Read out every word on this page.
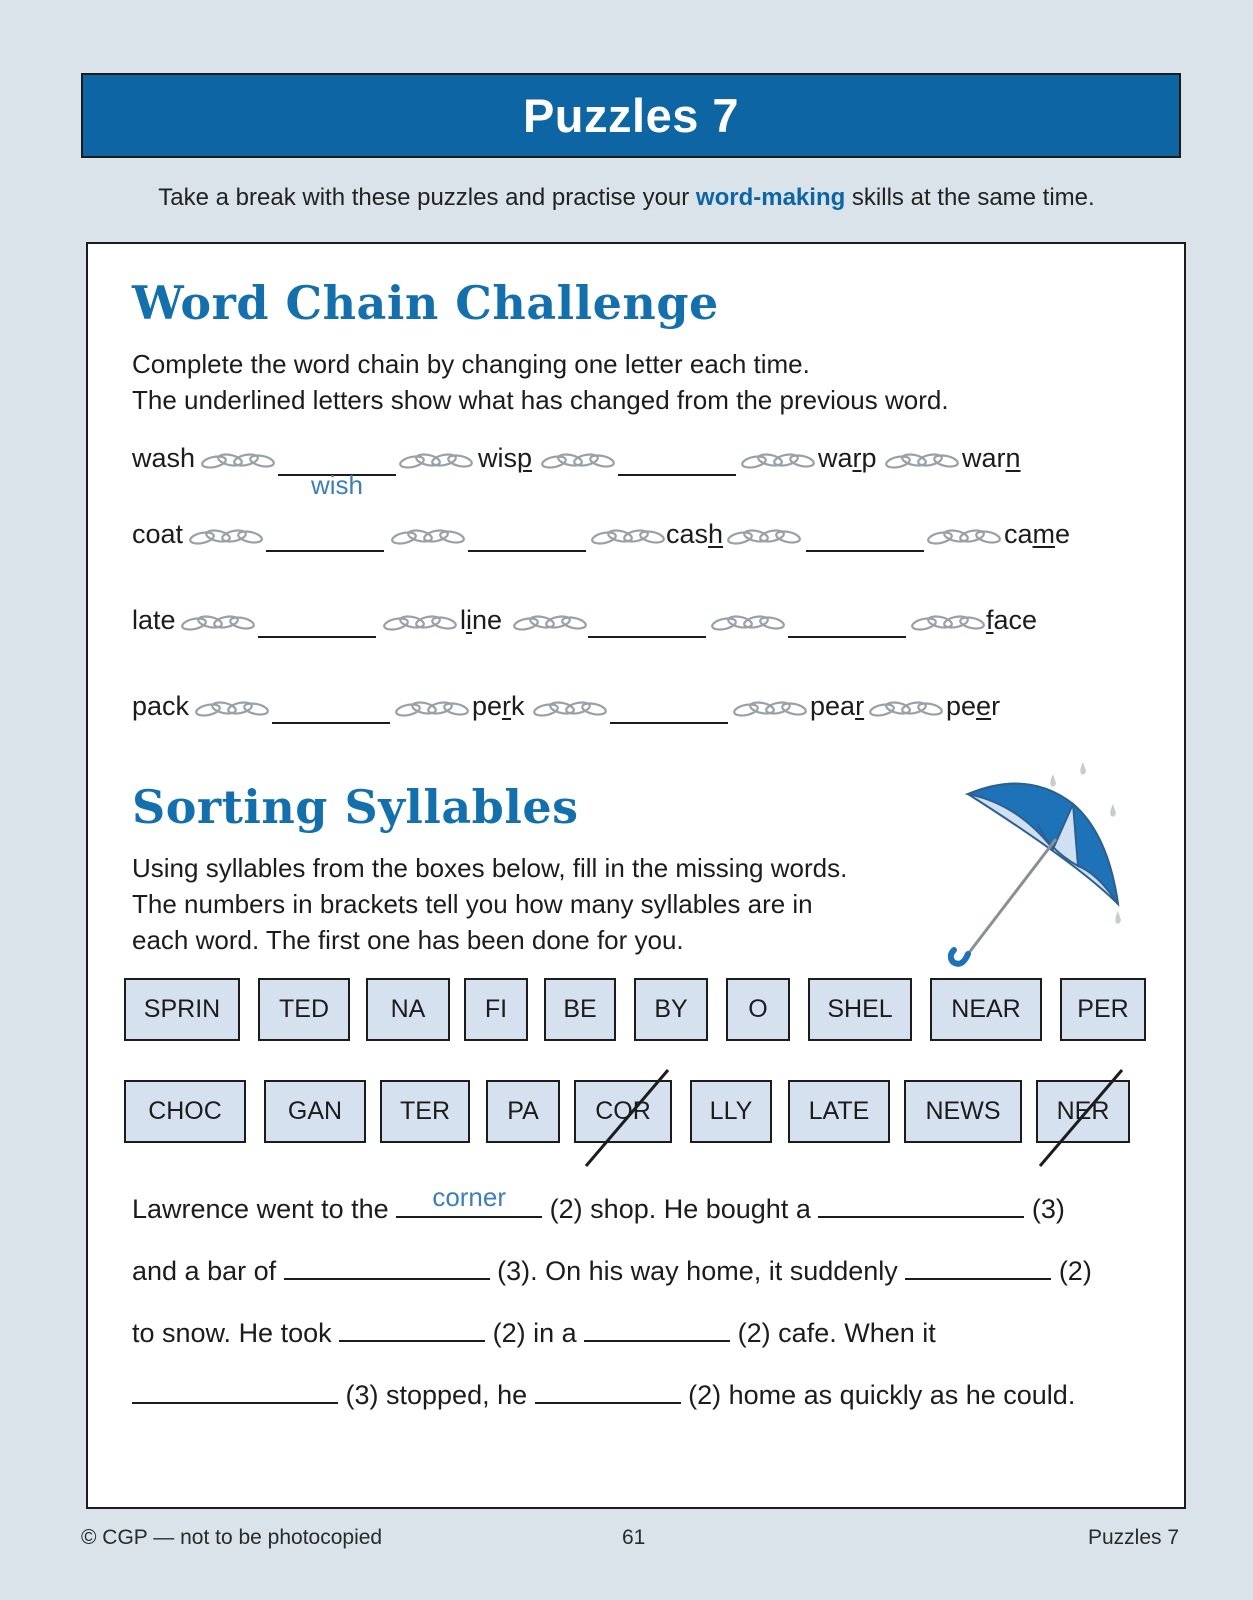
Puzzles 7
Take a break with these puzzles and practise your word-making skills at the same time.
Word Chain Challenge
Complete the word chain by changing one letter each time.
The underlined letters show what has changed from the previous word.
wash
wish
wisp	warp	warn
coat	cash	came
late	line	face
pack	perk	pear	peer
Sorting Syllables
Using syllables from the boxes below, fill in the missing words.
The numbers in brackets tell you how many syllables are in
each word. The first one has been done for you.
Lawrence went to the	corner	(2) shop. He bought a	(3)
and a bar of	(3). On his way home, it suddenly	(2)
to snow. He took	(2) in a	(2) cafe. When it
(3) stopped, he	(2) home as quickly as he could.
SPRIN	TED	NA	FI	BE	BY	O	SHEL	NEAR	PER
CHOC	GAN	TER	PA	COR	LLY	LATE	NEWS	NER
© CGP — not to be photocopied	61	Puzzles 7
